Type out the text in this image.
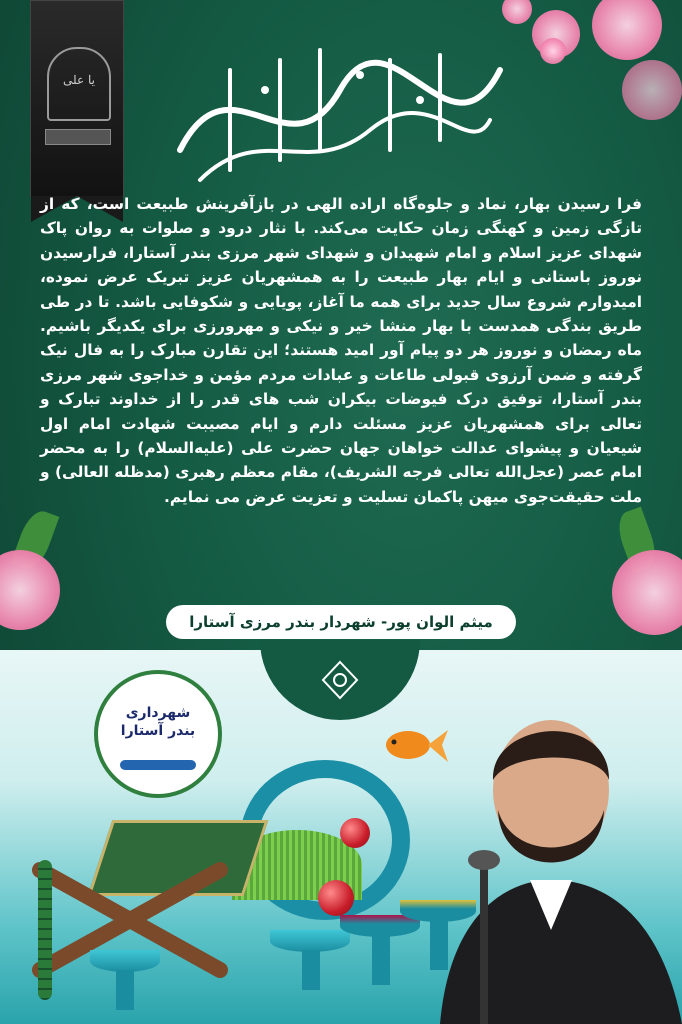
یا علی
اللهم رب شهر رمضان الذی انزل فیه القرآن
فرا رسیدن بهار، نماد و جلوه‌گاه اراده الهی در بازآفرینش طبیعت است، که از تازگی زمین و کهنگی زمان حکایت می‌کند. با نثار درود و صلوات به روان پاک شهدای عزیز اسلام و امام شهیدان و شهدای شهر مرزی بندر آستارا، فرارسیدن نوروز باستانی و ایام بهار طبیعت را به همشهریان عزیز تبریک عرض نموده، امیدوارم شروع سال جدید برای همه ما آغاز، پویایی و شکوفایی باشد. تا در طی طریق بندگی همدست با بهار منشا خیر و نیکی و مهرورزی برای یکدیگر باشیم. ماه رمضان و نوروز هر دو پیام آور امید هستند؛ این تقارن مبارک را به فال نیک گرفته و ضمن آرزوی قبولی طاعات و عبادات مردم مؤمن و خداجوی شهر مرزی بندر آستارا، توفیق درک فیوضات بیکران شب های قدر را از خداوند تبارک و تعالی برای همشهریان عزیز مسئلت دارم و ایام مصیبت شهادت امام اول شیعیان و پیشوای عدالت خواهان جهان حضرت علی (علیه‌السلام) را به محضر امام عصر (عجل‌الله تعالی فرجه الشریف)، مقام معظم رهبری (مدظله العالی) و ملت حقیقت‌جوی میهن پاکمان تسلیت و تعزیت عرض می نمایم.
میثم الوان پور- شهردار بندر مرزی آستارا
شهرداری بندر آستارا
